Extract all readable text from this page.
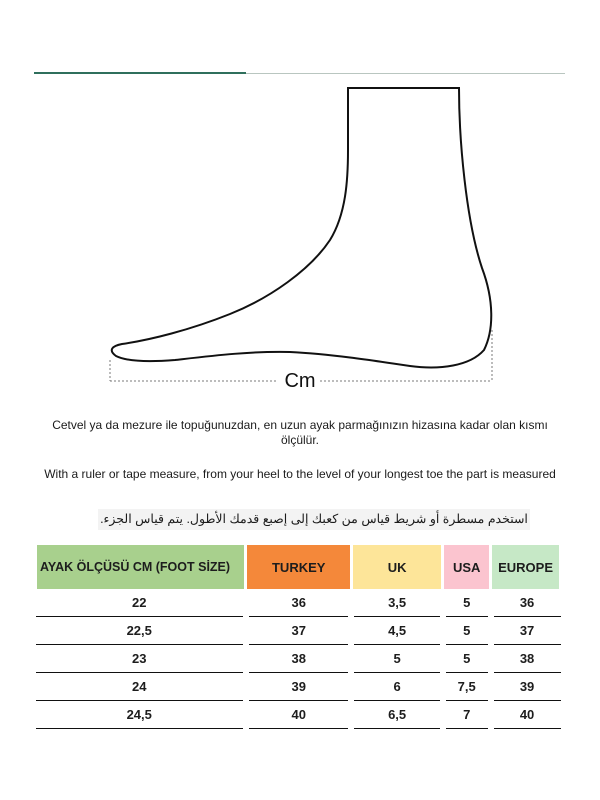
Cm
Cetvel ya da mezure ile topuğunuzdan, en uzun ayak parmağınızın hizasına kadar olan kısmı ölçülür.
With a ruler or tape measure, from your heel to the level of your longest toe the part is measured
استخدم مسطرة أو شريط قياس من كعبك إلى إصبع قدمك الأطول. يتم قياس الجزء.
AYAK ÖLÇÜSÜ CM (FOOT SİZE)	TURKEY	UK	USA	EUROPE
22	36	3,5	5	36
22,5	37	4,5	5	37
23	38	5	5	38
24	39	6	7,5	39
24,5	40	6,5	7	40
